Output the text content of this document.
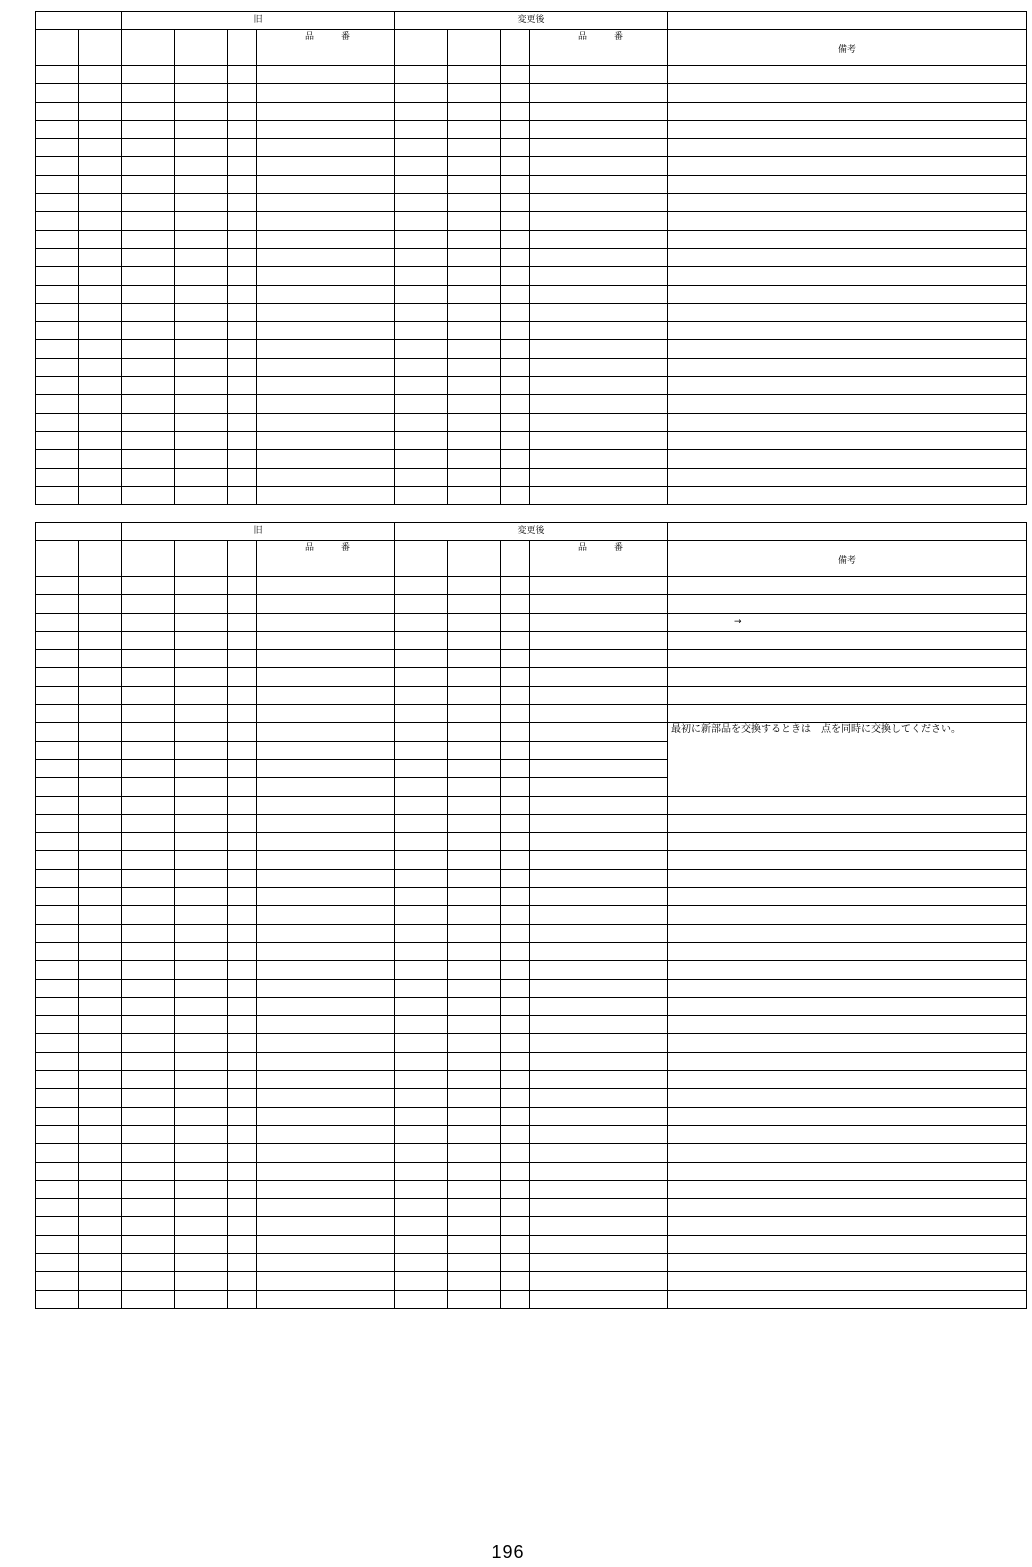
		旧				変更後				

					品 番				品 番	備考

		旧				変更後				

					品 番				品 番	備考

										→

										最初に新部品を交換するときは　点を同時に交換してください。

196
